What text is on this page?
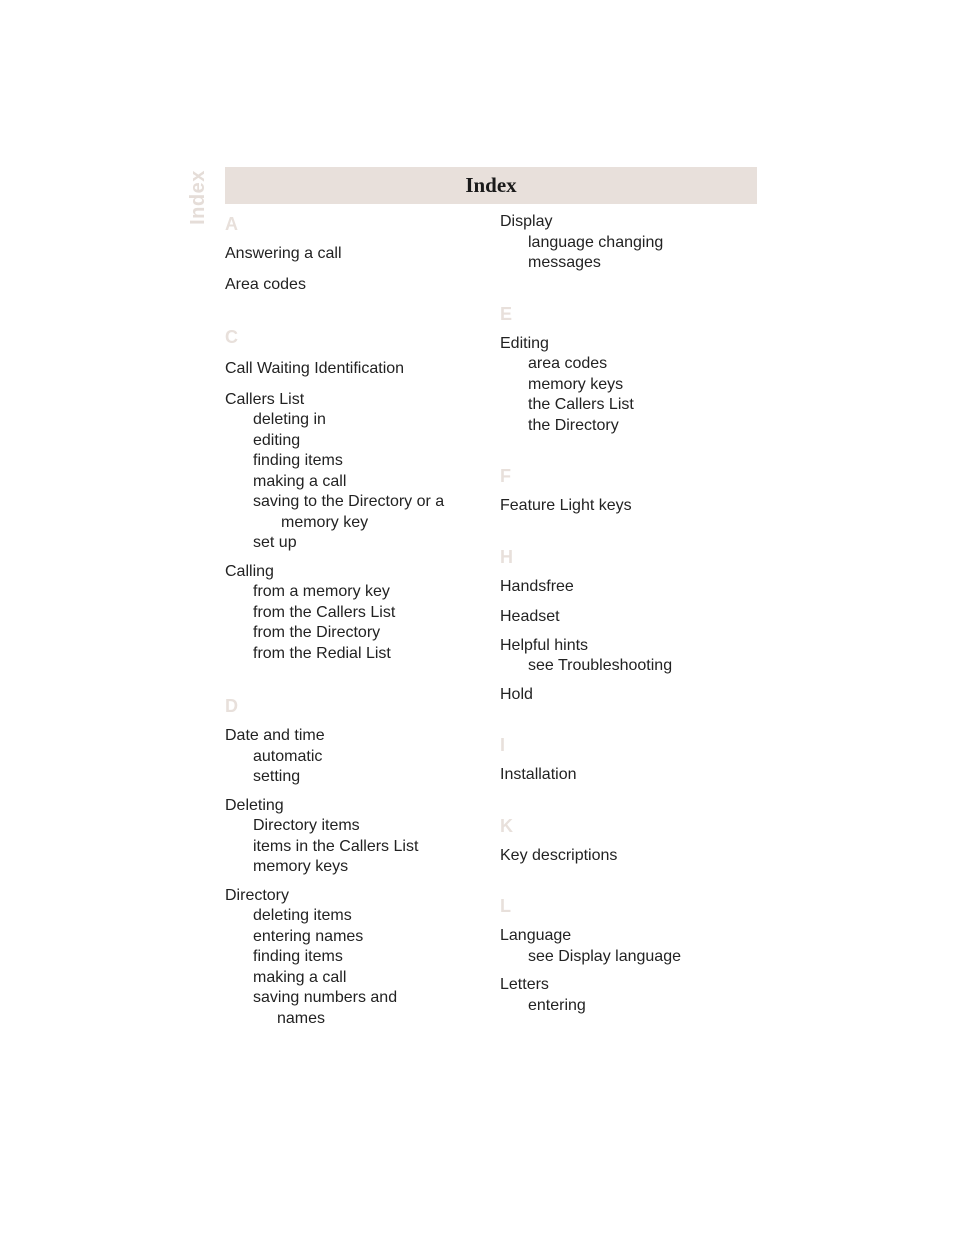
Index	Index
A
Answering a call
Area codes
C
Call Waiting Identification
Callers List
deleting in
editing
finding items
making a call
saving to the Directory or a
memory key
set up
Calling
from a memory key
from the Callers List
from the Directory
from the Redial List
D
Date and time
automatic
setting
Deleting
Directory items
items in the Callers List
memory keys
Directory
deleting items
entering names
finding items
making a call
saving numbers and
names
Display
language changing
messages
E
Editing
area codes
memory keys
the Callers List
the Directory
F
Feature Light keys
H
Handsfree
Headset
Helpful hints
see Troubleshooting
Hold
I
Installation
K
Key descriptions
L
Language
see Display language
Letters
entering
